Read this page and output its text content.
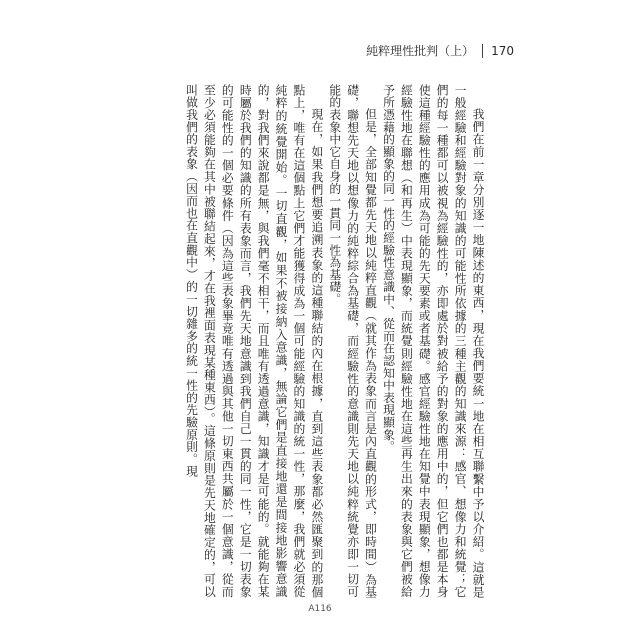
純粹理性批判（上） 170

我們在前一章分別逐一地陳述的東西，現在我們要統一地在相互聯繫中予以介紹。這就是一般經驗和經驗對象的知識的可能性所依據的三種主觀的知識來源：感官、想像力和統覺；它們的每一種都可以被視為經驗性的，亦即處於對被給予的對象的應用中的，但它們也都是本身使這種經驗性的應用成為可能的先天要素或者基礎。感官經驗性地在知覺中表現顯象，想像力經驗性地在聯想（和再生）中表現顯象，而統覺則經驗性地在這些再生出來的表象與它們被給予所憑藉的顯象的同一性的經驗性意識中、從而在認知中表現顯象。

但是，全部知覺都先天地以純粹直觀（就其作為表象而言是內直觀的形式，即時間）為基礎，聯想先天地以想像力的純粹綜合為基礎，而經驗性的意識則先天地以純粹統覺亦即一切可能的表象中它自身的一貫同一性為基礎。

現在，如果我們想要追溯表象的這種聯結的內在根據，直到這些表象都必然匯聚到的那個點上，唯有在這個點上它們才能獲得成為一個可能經驗的知識的統一性，那麼，我們就必須從純粹的統覺開始。一切直觀，如果不被接納入意識，無論它們是直接地還是間接地影響意識的，對我們來說都是無，與我們毫不相干，而且唯有透過意識，知識才是可能的。就能夠在某時屬於我們的知識的所有表象而言，我們先天地意識到我們自己一貫的同一性，它是一切表象的可能性的一個必要條件（因為這些表象畢竟唯有透過與其他一切東西共屬於一個意識，從而至少必須能夠在其中被聯結起來，才在我裡面表現某種東西）。這條原則是先天地確定的，可以叫做我們的表象（因而也在直觀中）的一切雜多的統一性的先驗原則。現

A116
